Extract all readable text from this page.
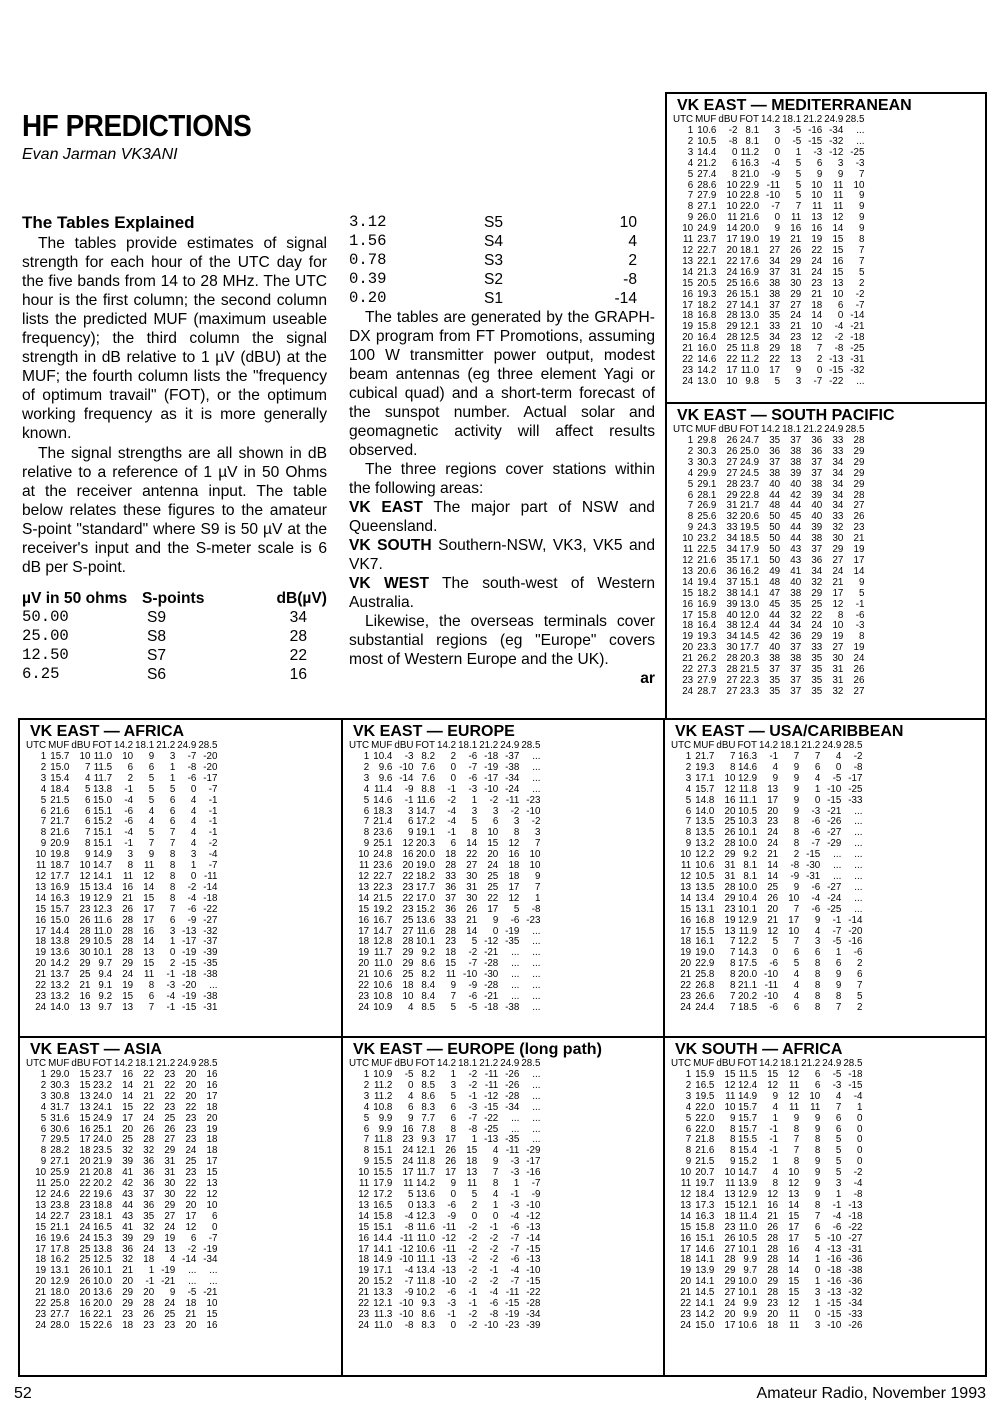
HF PREDICTIONS
Evan Jarman VK3ANI
The Tables Explained

The tables provide estimates of signal strength for each hour of the UTC day for the five bands from 14 to 28 MHz. The UTC hour is the first column; the second column lists the predicted MUF (maximum useable frequency); the third column the signal strength in dB relative to 1 µV (dBU) at the MUF; the fourth column lists the "frequency of optimum travail" (FOT), or the optimum working frequency as it is more generally known.

The signal strengths are all shown in dB relative to a reference of 1 µV in 50 Ohms at the receiver antenna input. The table below relates these figures to the amateur S-point "standard" where S9 is 50 µV at the receiver's input and the S-meter scale is 6 dB per S-point.

µV in 50 ohms S-points	dB(µV)
50.00	S9	34
25.00	S8	28
12.50	S7	22
6.25	S6	16
3.12	S5	10
1.56	S4	4
0.78	S3	2
0.39	S2	-8
0.20	S1	-14

The tables are generated by the GRAPH-DX program from FT Promotions, assuming 100 W transmitter power output, modest beam antennas (eg three element Yagi or cubical quad) and a short-term forecast of the sunspot number. Actual solar and geomagnetic activity will affect results observed.

The three regions cover stations within the following areas:

VK EAST The major part of NSW and Queensland.

VK SOUTH Southern-NSW, VK3, VK5 and VK7.

VK WEST The south-west of Western Australia.

Likewise, the overseas terminals cover substantial regions (eg "Europe" covers most of Western Europe and the UK).

ar
VK EAST — MEDITERRANEAN
UTC	MUF	dBU	FOT	14.2	18.1	21.2	24.9	28.5
1	10.6	-2	8.1	3	-5	-16	-34	...
2	10.5	-8	8.1	0	-5	-15	-32	...
3	14.4	0	11.2	0	1	-3	-12	-25
4	21.2	6	16.3	-4	5	6	3	-3
5	27.4	8	21.0	-9	5	9	9	7
6	28.6	10	22.9	-11	5	10	11	10
7	27.9	10	22.8	-10	5	10	11	9
8	27.1	10	22.0	-7	7	11	11	9
9	26.0	11	21.6	0	11	13	12	9
10	24.9	14	20.0	9	16	16	14	9
11	23.7	17	19.0	19	21	19	15	8
12	22.7	20	18.1	27	26	22	15	7
13	22.1	22	17.6	34	29	24	16	7
14	21.3	24	16.9	37	31	24	15	5
15	20.5	25	16.6	38	30	23	13	2
16	19.3	26	15.1	38	29	21	10	-2
17	18.2	27	14.1	37	27	18	6	-7
18	16.8	28	13.0	35	24	14	0	-14
19	15.8	29	12.1	33	21	10	-4	-21
20	16.4	28	12.5	34	23	12	-2	-18
21	16.0	25	11.8	29	18	7	-8	-25
22	14.6	22	11.2	22	13	2	-13	-31
23	14.2	17	11.0	17	9	0	-15	-32
24	13.0	10	9.8	5	3	-7	-22	...
VK EAST — SOUTH PACIFIC
UTC	MUF	dBU	FOT	14.2	18.1	21.2	24.9	28.5
1	29.8	26	24.7	35	37	36	33	28
2	30.3	26	25.0	36	38	36	33	29
3	30.3	27	24.9	37	38	37	34	29
4	29.9	27	24.5	38	39	37	34	29
5	29.1	28	23.7	40	40	38	34	29
6	28.1	29	22.8	44	42	39	34	28
7	26.9	31	21.7	48	44	40	34	27
8	25.6	32	20.6	50	45	40	33	26
9	24.3	33	19.5	50	44	39	32	23
10	23.2	34	18.5	50	44	38	30	21
11	22.5	34	17.9	50	43	37	29	19
12	21.6	35	17.1	50	43	36	27	17
13	20.6	36	16.2	49	41	34	24	14
14	19.4	37	15.1	48	40	32	21	9
15	18.2	38	14.1	47	38	29	17	5
16	16.9	39	13.0	45	35	25	12	-1
17	15.8	40	12.0	44	32	22	8	-6
18	16.4	38	12.4	44	34	24	10	-3
19	19.3	34	14.5	42	36	29	19	8
20	23.3	30	17.7	40	37	33	27	19
21	26.2	28	20.3	38	38	35	30	24
22	27.3	28	21.5	37	37	35	31	26
23	27.9	27	22.3	35	37	35	31	26
24	28.7	27	23.3	35	37	35	32	27
VK EAST — AFRICA
UTC	MUF	dBU	FOT	14.2	18.1	21.2	24.9	28.5
1	15.7	10	11.0	10	9	3	-7	-20
2	15.0	7	11.5	6	6	1	-8	-20
3	15.4	4	11.7	2	5	1	-6	-17
4	18.4	5	13.8	-1	5	5	0	-7
5	21.5	6	15.0	-4	5	6	4	-1
6	21.6	6	15.1	-6	4	6	4	-1
7	21.7	6	15.2	-6	4	6	4	-1
8	21.6	7	15.1	-4	5	7	4	-1
9	20.9	8	15.1	-1	7	7	4	-2
10	19.8	9	14.9	3	9	8	3	-4
11	18.7	10	14.7	8	11	8	1	-7
12	17.7	12	14.1	11	12	8	0	-11
13	16.9	15	13.4	16	14	8	-2	-14
14	16.3	19	12.9	21	15	8	-4	-18
15	15.7	23	12.3	26	17	7	-6	-22
16	15.0	26	11.6	28	17	6	-9	-27
17	14.4	28	11.0	28	16	3	-13	-32
18	13.8	29	10.5	28	14	1	-17	-37
19	13.6	30	10.1	28	13	0	-19	-39
20	14.2	29	9.7	29	15	2	-15	-35
21	13.7	25	9.4	24	11	-1	-18	-38
22	13.2	21	9.1	19	8	-3	-20	...
23	13.2	16	9.2	15	6	-4	-19	-38
24	14.0	13	9.7	13	7	-1	-15	-31
VK EAST — EUROPE
UTC	MUF	dBU	FOT	14.2	18.1	21.2	24.9	28.5
1	10.4	-3	8.2	2	-6	-18	-37	...
2	9.6	-10	7.6	0	-7	-19	-38	...
3	9.6	-14	7.6	0	-6	-17	-34	...
4	11.4	-9	8.8	-1	-3	-10	-24	...
5	14.6	-1	11.6	-2	1	-2	-11	-23
6	18.3	3	14.7	-4	3	3	-2	-10
7	21.4	6	17.2	-4	5	6	3	-2
8	23.6	9	19.1	-1	8	10	8	3
9	25.1	12	20.3	6	14	15	12	7
10	24.8	16	20.0	18	22	20	16	10
11	23.6	20	19.0	28	27	24	18	10
12	22.7	22	18.2	33	30	25	18	9
13	22.3	23	17.7	36	31	25	17	7
14	21.5	22	17.0	37	30	22	12	1
15	19.2	23	15.2	36	26	17	5	-8
16	16.7	25	13.6	33	21	9	-6	-23
17	14.7	27	11.6	28	14	0	-19	...
18	12.8	28	10.1	23	5	-12	-35	...
19	11.7	29	9.2	18	-2	-21	...	...
20	11.0	29	8.6	15	-7	-28	...	...
21	10.6	25	8.2	11	-10	-30	...	...
22	10.6	18	8.4	9	-9	-28	...	...
23	10.8	10	8.4	7	-6	-21	...	...
24	10.9	4	8.5	5	-5	-18	-38	...
VK EAST — USA/CARIBBEAN
UTC	MUF	dBU	FOT	14.2	18.1	21.2	24.9	28.5
1	21.7	7	16.3	-1	7	7	4	-2
2	19.3	8	14.6	4	9	6	0	-8
3	17.1	10	12.9	9	9	4	-5	-17
4	15.7	12	11.8	13	9	1	-10	-25
5	14.8	16	11.1	17	9	0	-15	-33
6	14.0	20	10.5	20	9	-3	-21	...
7	13.5	25	10.3	23	8	-6	-26	...
8	13.5	26	10.1	24	8	-6	-27	...
9	13.2	28	10.0	24	8	-7	-29	...
10	12.2	29	9.2	21	2	-15	...	...
11	10.6	31	8.1	14	-8	-30	...	...
12	10.5	31	8.1	14	-9	-31	...	...
13	13.5	28	10.0	25	9	-6	-27	...
14	13.4	29	10.4	26	10	-4	-24	...
15	13.1	23	10.1	20	7	-6	-25	...
16	16.8	19	12.9	21	17	9	-1	-14
17	15.5	13	11.9	12	10	4	-7	-20
18	16.1	7	12.2	5	7	3	-5	-16
19	19.0	7	14.3	0	6	6	1	-6
20	22.9	8	17.5	-6	5	8	6	2
21	25.8	8	20.0	-10	4	8	9	6
22	26.8	8	21.1	-11	4	8	9	7
23	26.6	7	20.2	-10	4	8	8	5
24	24.4	7	18.5	-6	6	8	7	2
VK EAST — ASIA
UTC	MUF	dBU	FOT	14.2	18.1	21.2	24.9	28.5
1	29.0	15	23.7	16	22	23	20	16
2	30.3	15	23.2	14	21	22	20	16
3	30.8	13	24.0	14	21	22	20	17
4	31.7	13	24.1	15	22	23	22	18
5	31.6	15	24.9	17	24	25	23	20
6	30.6	16	25.1	20	26	26	23	19
7	29.5	17	24.0	25	28	27	23	18
8	28.2	18	23.5	32	32	29	24	18
9	27.1	20	21.9	39	36	31	25	17
10	25.9	21	20.8	41	36	31	23	15
11	25.0	22	20.2	42	36	30	22	13
12	24.6	22	19.6	43	37	30	22	12
13	23.8	23	18.8	44	36	29	20	10
14	22.7	23	18.1	43	35	27	17	6
15	21.1	24	16.5	41	32	24	12	0
16	19.6	24	15.3	39	29	19	6	-7
17	17.8	25	13.8	36	24	13	-2	-19
18	16.2	25	12.5	32	18	4	-14	-34
19	13.1	26	10.1	21	1	-19	...	...
20	12.9	26	10.0	20	-1	-21	...	...
21	18.0	20	13.6	29	20	9	-5	-21
22	25.8	16	20.0	29	28	24	18	10
23	27.7	16	22.1	23	26	25	21	15
24	28.0	15	22.6	18	23	23	20	16
VK EAST — EUROPE (long path)
UTC	MUF	dBU	FOT	14.2	18.1	21.2	24.9	28.5
1	10.9	-5	8.2	1	-2	-11	-26	...
2	11.2	0	8.5	3	-2	-11	-26	...
3	11.2	4	8.6	5	-1	-12	-28	...
4	10.8	6	8.3	6	-3	-15	-34	...
5	9.9	9	7.7	6	-7	-22	...	...
6	9.9	16	7.8	8	-8	-25	...	...
7	11.8	23	9.3	17	1	-13	-35	...
8	15.1	24	12.1	26	15	4	-11	-29
9	15.5	24	11.8	26	18	9	-3	-17
10	15.5	17	11.7	17	13	7	-3	-16
11	17.9	11	14.2	9	11	8	1	-7
12	17.2	5	13.6	0	5	4	-1	-9
13	16.5	0	13.3	-6	2	1	-3	-10
14	15.8	-4	12.3	-9	0	0	-4	-12
15	15.1	-8	11.6	-11	-2	-1	-6	-13
16	14.4	-11	11.0	-12	-2	-2	-7	-14
17	14.1	-12	10.6	-11	-2	-2	-7	-15
18	14.9	-10	11.1	-13	-2	-2	-6	-13
19	17.1	-4	13.4	-13	-2	-1	-4	-10
20	15.2	-7	11.8	-10	-2	-2	-7	-15
21	13.3	-9	10.2	-6	-1	-4	-11	-22
22	12.1	-10	9.3	-3	-1	-6	-15	-28
23	11.3	-10	8.6	-1	-2	-8	-19	-34
24	11.0	-8	8.3	0	-2	-10	-23	-39
VK SOUTH — AFRICA
UTC	MUF	dBU	FOT	14.2	18.1	21.2	24.9	28.5
1	15.9	15	11.5	15	12	6	-5	-18
2	16.5	12	12.4	12	11	6	-3	-15
3	19.5	11	14.9	9	12	10	4	-4
4	22.0	10	15.7	4	11	11	7	1
5	22.0	9	15.7	1	9	9	6	0
6	22.0	8	15.7	-1	8	9	6	0
7	21.8	8	15.5	-1	7	8	5	0
8	21.6	8	15.4	-1	7	8	5	0
9	21.5	9	15.2	1	8	9	5	0
10	20.7	10	14.7	4	10	9	5	-2
11	19.7	11	13.9	8	12	9	3	-4
12	18.4	13	12.9	12	13	9	1	-8
13	17.3	15	12.1	16	14	8	-1	-13
14	16.3	18	11.4	21	15	7	-4	-18
15	15.8	23	11.0	26	17	6	-6	-22
16	15.1	26	10.5	28	17	5	-10	-27
17	14.6	27	10.1	28	16	4	-13	-31
18	14.1	28	9.9	28	14	1	-16	-36
19	13.9	29	9.7	28	14	0	-18	-38
20	14.1	29	10.0	29	15	1	-16	-36
21	14.5	27	10.1	28	15	3	-13	-32
22	14.1	24	9.9	23	12	1	-15	-34
23	14.2	20	9.9	20	11	0	-15	-33
24	15.0	17	10.6	18	11	3	-10	-26
52	Amateur Radio, November 1993
